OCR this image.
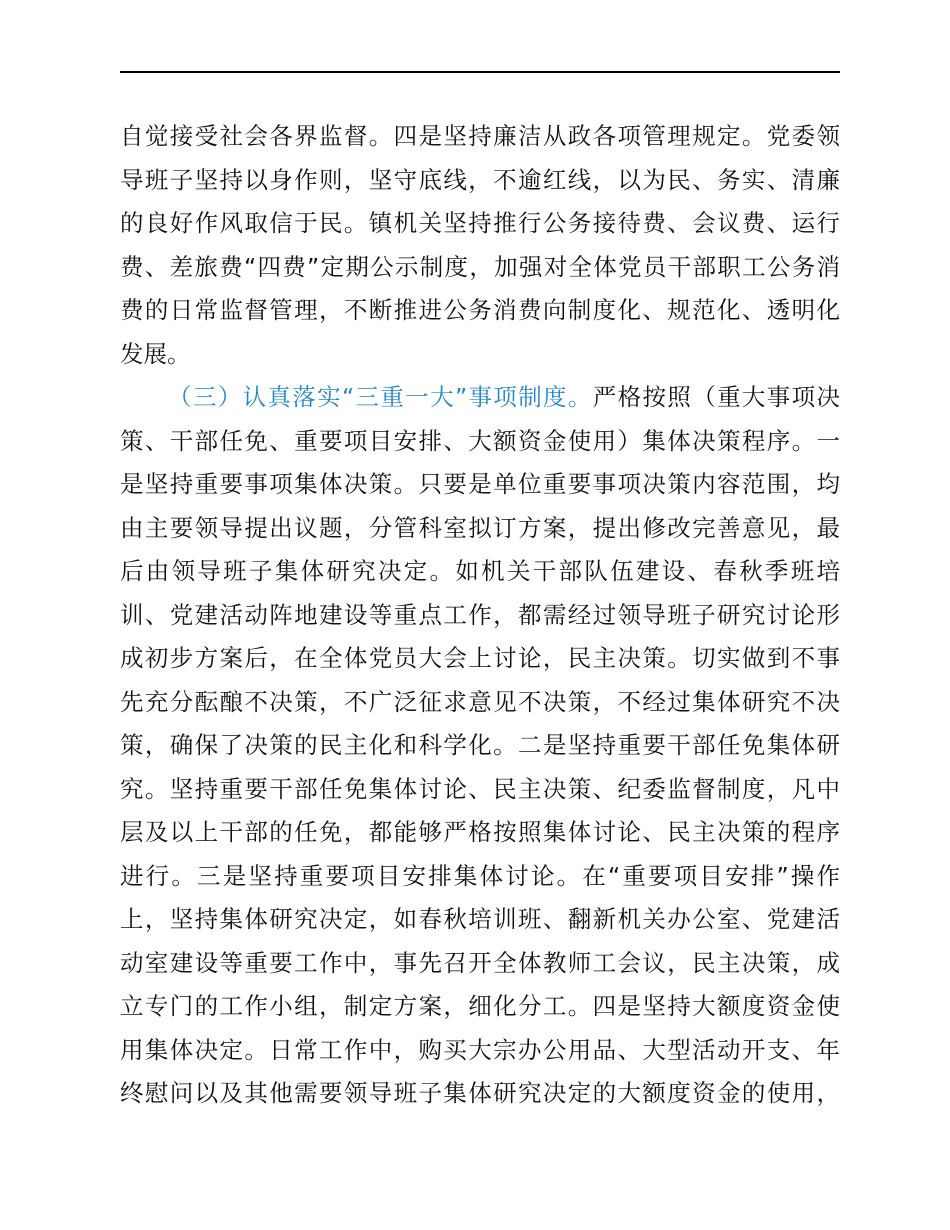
自觉接受社会各界监督。四是坚持廉洁从政各项管理规定。党委领
导班子坚持以身作则，坚守底线，不逾红线，以为民、务实、清廉
的良好作风取信于民。镇机关坚持推行公务接待费、会议费、运行
费、差旅费“四费”定期公示制度，加强对全体党员干部职工公务消
费的日常监督管理，不断推进公务消费向制度化、规范化、透明化
发展。
（三）认真落实“三重一大”事项制度。严格按照（重大事项决
策、干部任免、重要项目安排、大额资金使用）集体决策程序。一
是坚持重要事项集体决策。只要是单位重要事项决策内容范围，均
由主要领导提出议题，分管科室拟订方案，提出修改完善意见，最
后由领导班子集体研究决定。如机关干部队伍建设、春秋季班培
训、党建活动阵地建设等重点工作，都需经过领导班子研究讨论形
成初步方案后，在全体党员大会上讨论，民主决策。切实做到不事
先充分酝酿不决策，不广泛征求意见不决策，不经过集体研究不决
策，确保了决策的民主化和科学化。二是坚持重要干部任免集体研
究。坚持重要干部任免集体讨论、民主决策、纪委监督制度，凡中
层及以上干部的任免，都能够严格按照集体讨论、民主决策的程序
进行。三是坚持重要项目安排集体讨论。在“重要项目安排”操作
上，坚持集体研究决定，如春秋培训班、翻新机关办公室、党建活
动室建设等重要工作中，事先召开全体教师工会议，民主决策，成
立专门的工作小组，制定方案，细化分工。四是坚持大额度资金使
用集体决定。日常工作中，购买大宗办公用品、大型活动开支、年
终慰问以及其他需要领导班子集体研究决定的大额度资金的使用，
